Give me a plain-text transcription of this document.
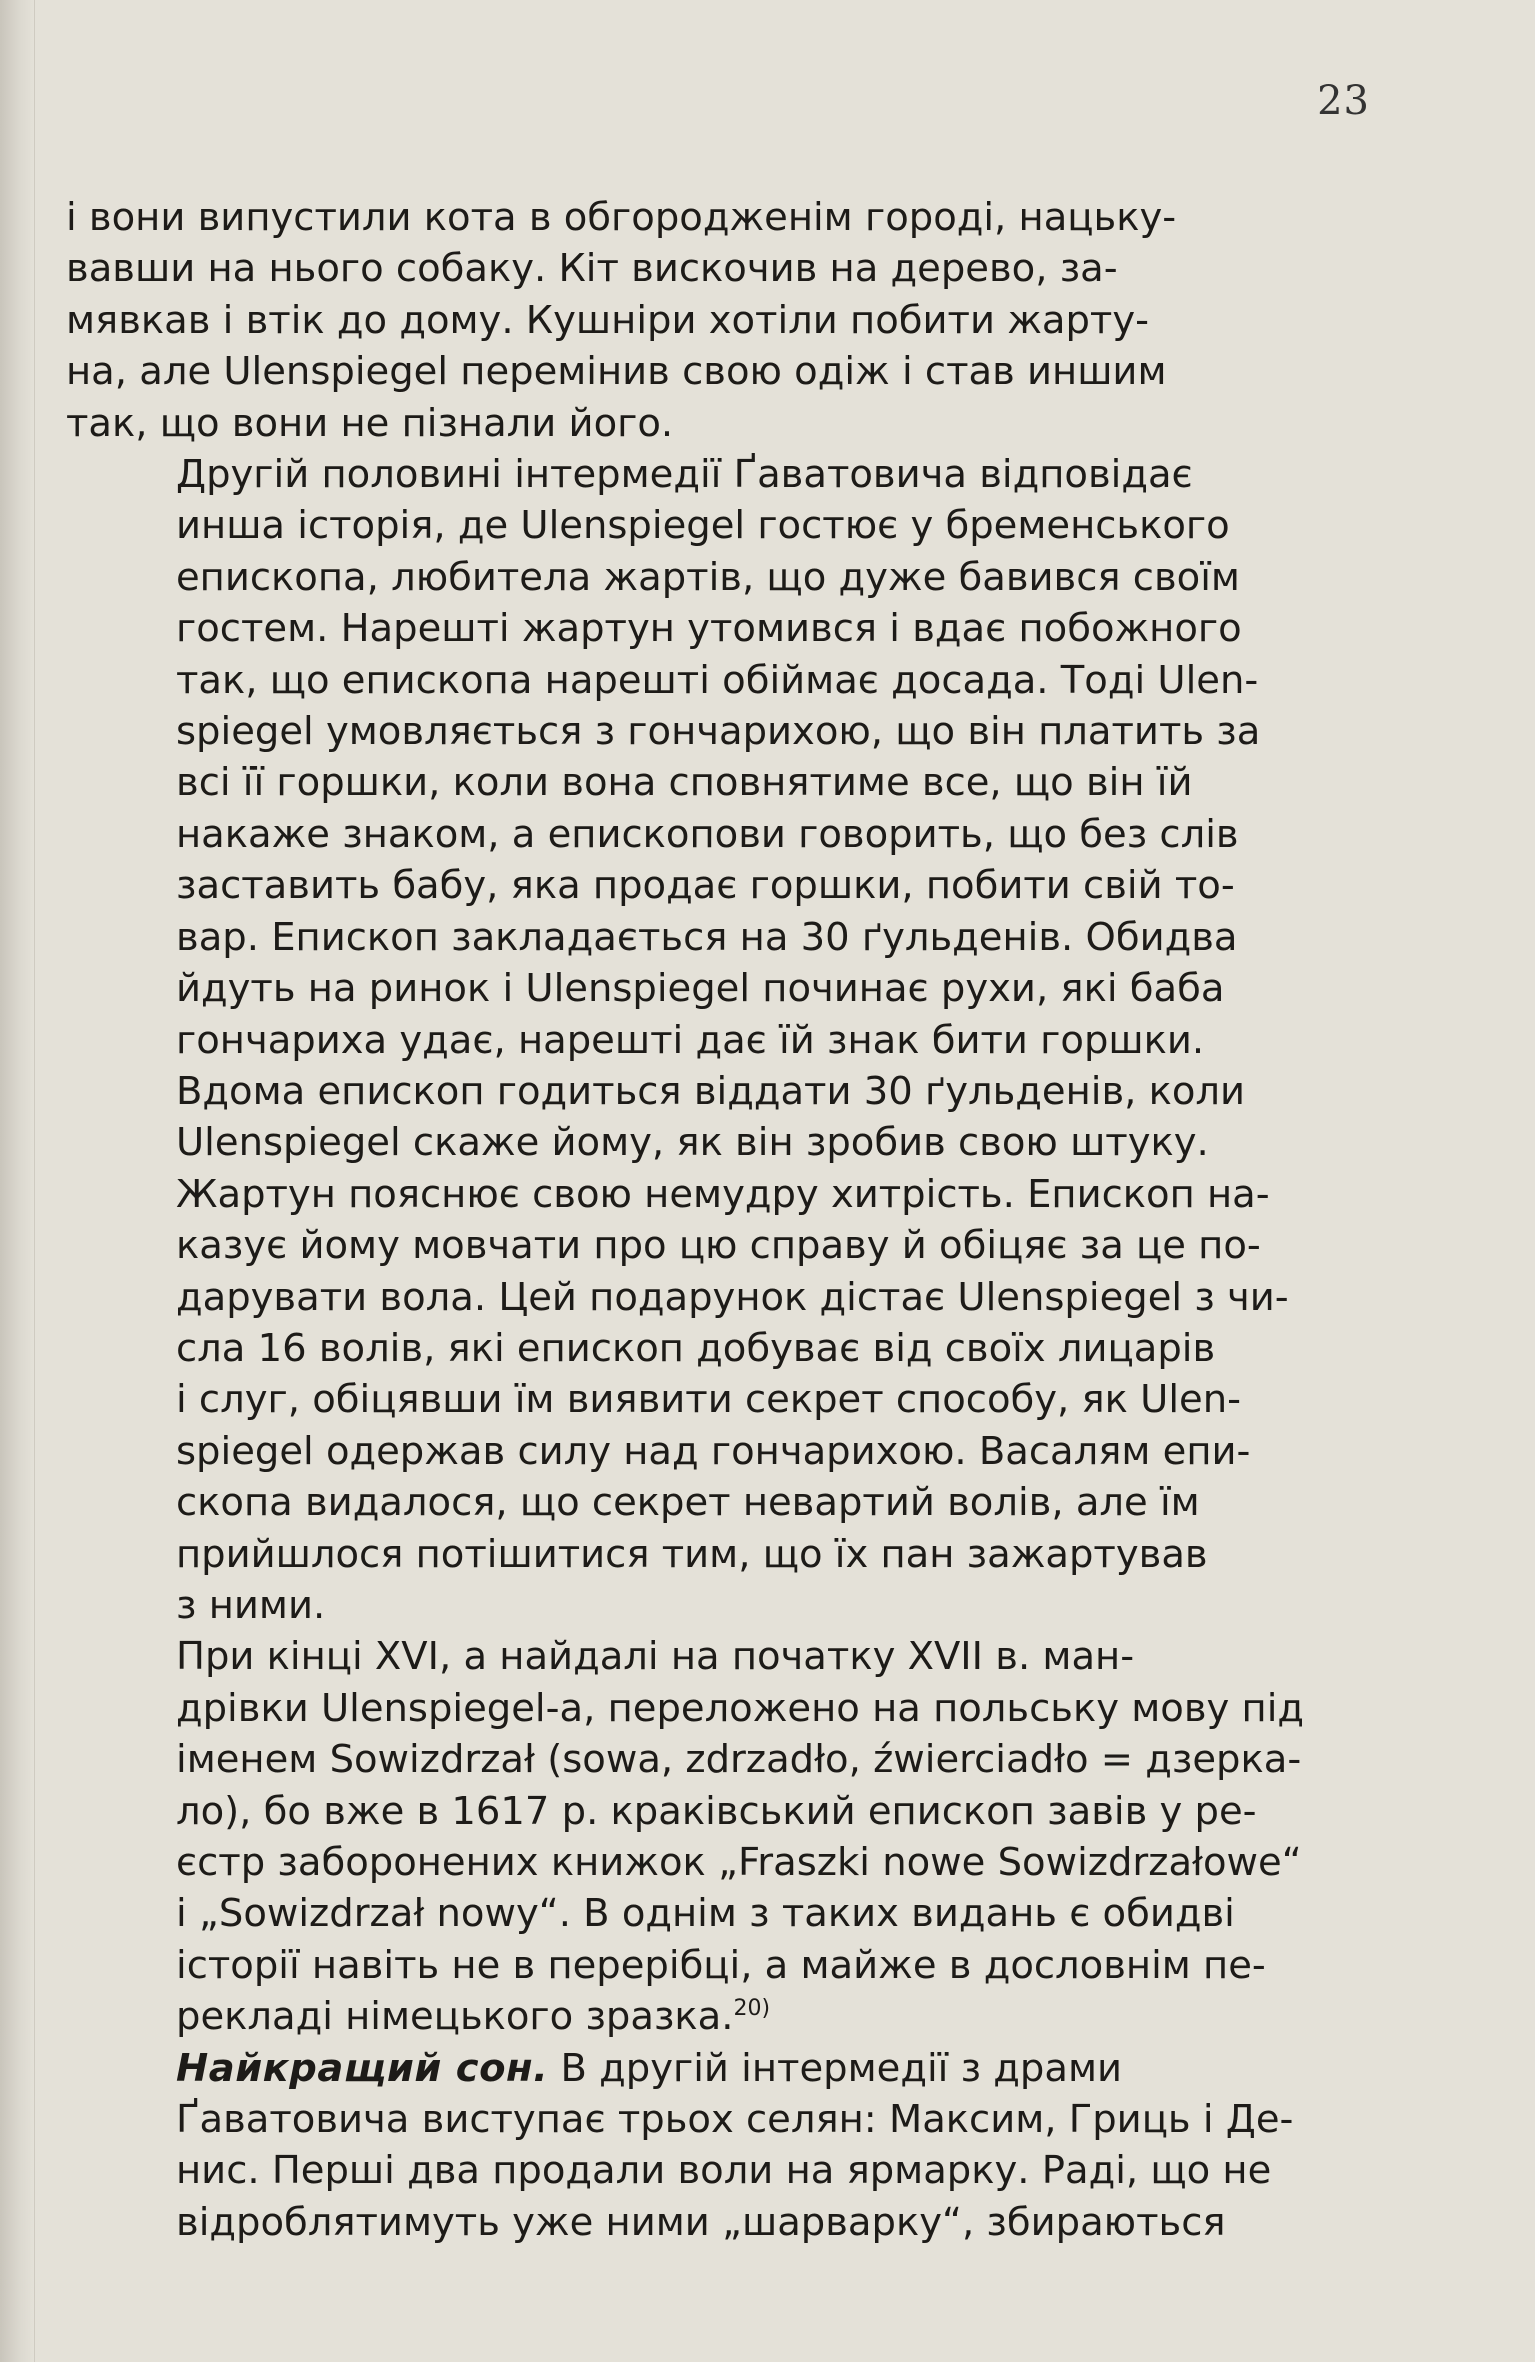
23

і вони випустили кота в обгородженім городі, нацьку-
вавши на нього собаку. Кіт вискочив на дерево, за-
мявкав і втік до дому. Кушніри хотіли побити жарту-
на, але Ulenspiegel перемінив свою одіж і став иншим
так, що вони не пізнали його.

Другій половині інтермедії Ґаватовича відповідає
инша історія, де Ulenspiegel гостює у бременського
епископа, любитела жартів, що дуже бавився своїм
гостем. Нарешті жартун утомився і вдає побожного
так, що епископа нарешті обіймає досада. Тоді Ulen-
spiegel умовляється з гончарихою, що він платить за
всі її горшки, коли вона сповнятиме все, що він їй
накаже знаком, а епископови говорить, що без слів
заставить бабу, яка продає горшки, побити свій то-
вар. Епископ закладається на 30 ґульденів. Обидва
йдуть на ринок і Ulenspiegel починає рухи, які баба
гончариха удає, нарешті дає їй знак бити горшки.
Вдома епископ годиться віддати 30 ґульденів, коли
Ulenspiegel скаже йому, як він зробив свою штуку.
Жартун пояснює свою немудру хитрість. Епископ на-
казує йому мовчати про цю справу й обіцяє за це по-
дарувати вола. Цей подарунок дістає Ulenspiegel з чи-
сла 16 волів, які епископ добуває від своїх лицарів
і слуг, обіцявши їм виявити секрет способу, як Ulen-
spiegel одержав силу над гончарихою. Васалям епи-
скопа видалося, що секрет невартий волів, але їм
прийшлося потішитися тим, що їх пан зажартував
з ними.

При кінці XVI, а найдалі на початку XVII в. ман-
дрівки Ulenspiegel-а, переложено на польську мову під
іменем Sowizdrzał (sowa, zdrzadło, źwierciadło = дзерка-
ло), бо вже в 1617 р. краківський епископ завів у ре-
єстр заборонених книжок „Fraszki nowe Sowizdrzałowe“
і „Sowizdrzał nowy“. В однім з таких видань є обидві
історії навіть не в перерібці, а майже в дословнім пе-
рекладі німецького зразка.$^{20)}$

Найкращий сон. В другій інтермедії з драми
Ґаватовича виступає трьох селян: Максим, Гриць і Де-
нис. Перші два продали воли на ярмарку. Раді, що не
відроблятимуть уже ними „шарварку“, збираються
